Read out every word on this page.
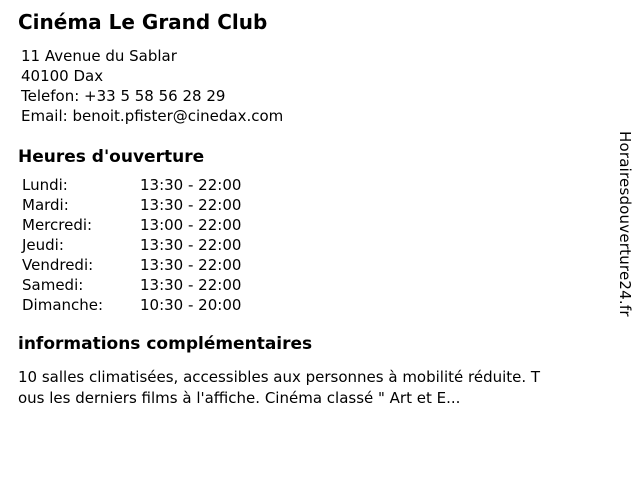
Cinéma Le Grand Club
11 Avenue du Sablar
40100 Dax
Telefon: +33 5 58 56 28 29
Email: benoit.pfister@cinedax.com
Heures d'ouverture
Lundi:	13:30 - 22:00
Mardi:	13:30 - 22:00
Mercredi:	13:00 - 22:00
Jeudi:	13:30 - 22:00
Vendredi:	13:30 - 22:00
Samedi:	13:30 - 22:00
Dimanche:	10:30 - 20:00
informations complémentaires
10 salles climatisées, accessibles aux personnes à mobilité réduite. T
ous les derniers films à l'affiche. Cinéma classé " Art et E...
Horairesdouverture24.fr
